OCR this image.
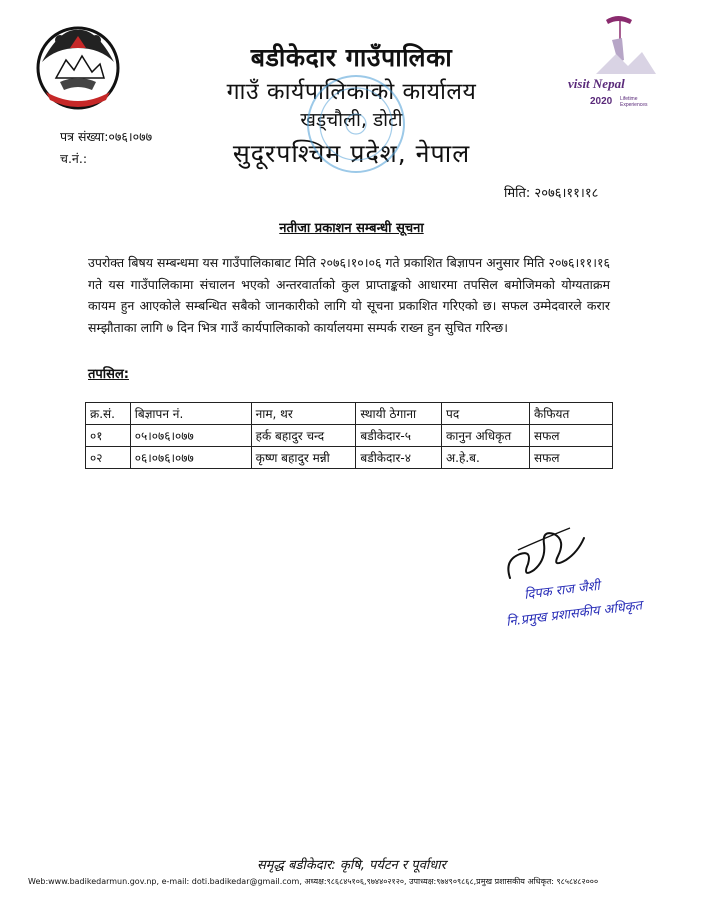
visit Nepal
2020 Lifetime Experiences
बडीकेदार गाउँपालिका
गाउँ कार्यपालिकाको कार्यालय
खड्चौली, डोटी
सुदूरपश्चिम प्रदेश, नेपाल
पत्र संख्या:०७६।०७७
च.नं.:
मिति: २०७६।११।१८
नतीजा प्रकाशन सम्बन्धी सूचना
उपरोक्त बिषय सम्बन्धमा यस गाउँपालिकाबाट मिति २०७६।१०।०६ गते प्रकाशित बिज्ञापन अनुसार मिति २०७६।११।१६ गते यस गाउँपालिकामा संचालन भएको अन्तरवार्ताको कुल प्राप्ताङ्कको आधारमा तपसिल बमोजिमको योग्यताक्रम कायम हुन आएकोले सम्बन्धित सबैको जानकारीको लागि यो सूचना प्रकाशित गरिएको छ। सफल उम्मेदवारले करार सम्झौताका लागि ७ दिन भित्र गाउँ कार्यपालिकाको कार्यालयमा सम्पर्क राख्न हुन सुचित गरिन्छ।
तपसिल:
क्र.सं.	बिज्ञापन नं.	नाम, थर	स्थायी ठेगाना	पद	कैफियत
०१	०५।०७६।०७७	हर्क बहादुर चन्द	बडीकेदार-५	कानुन अधिकृत	सफल
०२	०६।०७६।०७७	कृष्ण बहादुर मन्नी	बडीकेदार-४	अ.हे.ब.	सफल
दिपक राज जैशी
नि.प्रमुख प्रशासकीय अधिकृत
समृद्ध बडीकेदार: कृषि, पर्यटन र पूर्वाधार
Web:www.badikedarmun.gov.np, e-mail: doti.badikedar@gmail.com, अध्यक्ष:९८६८४५१०६,९७४४०२१२०, उपाध्यक्ष:९७४९०९८६८,प्रमुख प्रशासकीय अधिकृत: ९८५८४८२०००
